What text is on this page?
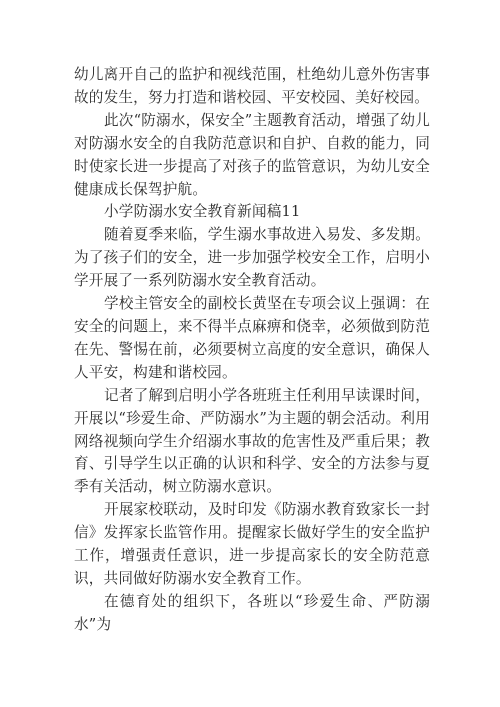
幼儿离开自己的监护和视线范围，杜绝幼儿意外伤害事故的发生，努力打造和谐校园、平安校园、美好校园。

此次“防溺水，保安全”主题教育活动，增强了幼儿对防溺水安全的自我防范意识和自护、自救的能力，同时使家长进一步提高了对孩子的监管意识，为幼儿安全健康成长保驾护航。

小学防溺水安全教育新闻稿11

随着夏季来临，学生溺水事故进入易发、多发期。为了孩子们的安全，进一步加强学校安全工作，启明小学开展了一系列防溺水安全教育活动。

学校主管安全的副校长黄坚在专项会议上强调：在安全的问题上，来不得半点麻痹和侥幸，必须做到防范在先、警惕在前，必须要树立高度的安全意识，确保人人平安，构建和谐校园。

记者了解到启明小学各班班主任利用早读课时间，开展以“珍爱生命、严防溺水”为主题的朝会活动。利用网络视频向学生介绍溺水事故的危害性及严重后果；教育、引导学生以正确的认识和科学、安全的方法参与夏季有关活动，树立防溺水意识。

开展家校联动，及时印发《防溺水教育致家长一封信》发挥家长监管作用。提醒家长做好学生的安全监护工作，增强责任意识，进一步提高家长的安全防范意识，共同做好防溺水安全教育工作。

在德育处的组织下，各班以“珍爱生命、严防溺水”为
